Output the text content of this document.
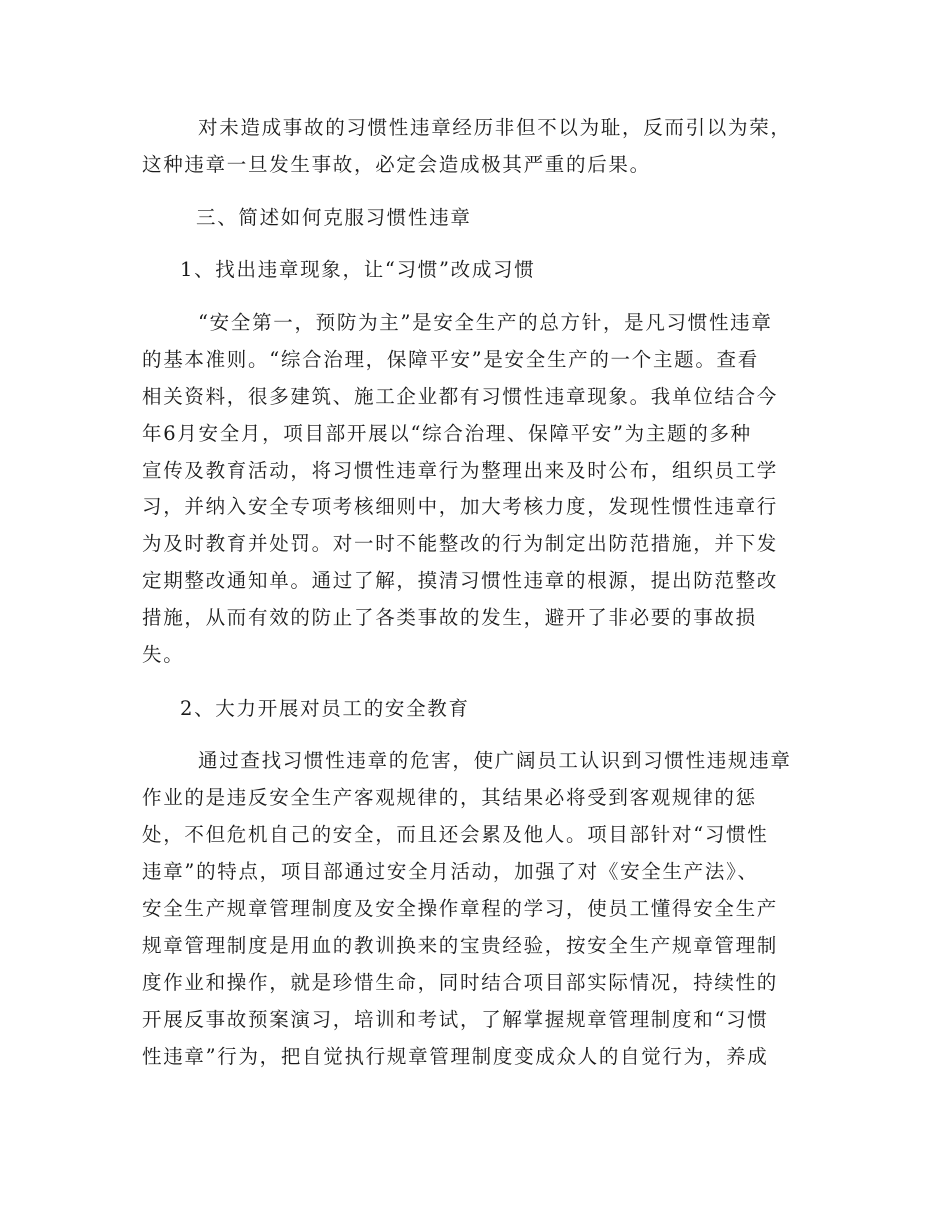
对未造成事故的习惯性违章经历非但不以为耻，反而引以为荣，
这种违章一旦发生事故，必定会造成极其严重的后果。
三、简述如何克服习惯性违章
1、找出违章现象，让“习惯”改成习惯
“安全第一，预防为主”是安全生产的总方针，是凡习惯性违章
的基本准则。“综合治理，保障平安”是安全生产的一个主题。查看
相关资料，很多建筑、施工企业都有习惯性违章现象。我单位结合今
年6月安全月，项目部开展以“综合治理、保障平安”为主题的多种
宣传及教育活动，将习惯性违章行为整理出来及时公布，组织员工学
习，并纳入安全专项考核细则中，加大考核力度，发现性惯性违章行
为及时教育并处罚。对一时不能整改的行为制定出防范措施，并下发
定期整改通知单。通过了解，摸清习惯性违章的根源，提出防范整改
措施，从而有效的防止了各类事故的发生，避开了非必要的事故损
失。
2、大力开展对员工的安全教育
通过查找习惯性违章的危害，使广阔员工认识到习惯性违规违章
作业的是违反安全生产客观规律的，其结果必将受到客观规律的惩
处，不但危机自己的安全，而且还会累及他人。项目部针对“习惯性
违章”的特点，项目部通过安全月活动，加强了对《安全生产法》、
安全生产规章管理制度及安全操作章程的学习，使员工懂得安全生产
规章管理制度是用血的教训换来的宝贵经验，按安全生产规章管理制
度作业和操作，就是珍惜生命，同时结合项目部实际情况，持续性的
开展反事故预案演习，培训和考试，了解掌握规章管理制度和“习惯
性违章”行为，把自觉执行规章管理制度变成众人的自觉行为，养成
